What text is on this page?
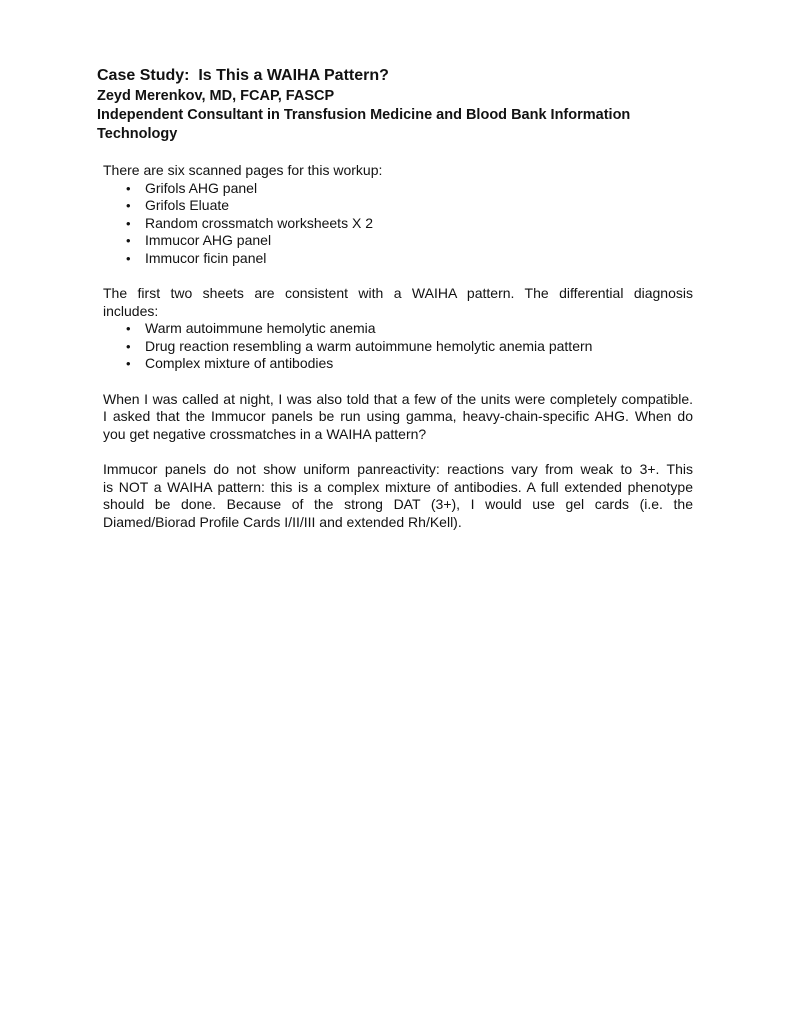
Case Study:  Is This a WAIHA Pattern?

Zeyd Merenkov, MD, FCAP, FASCP

Independent Consultant in Transfusion Medicine and Blood Bank Information
Technology
There are six scanned pages for this workup:
• Grifols AHG panel
• Grifols Eluate
• Random crossmatch worksheets X 2
• Immucor AHG panel
• Immucor ficin panel
The first two sheets are consistent with a WAIHA pattern. The differential diagnosis
includes:
• Warm autoimmune hemolytic anemia
• Drug reaction resembling a warm autoimmune hemolytic anemia pattern
• Complex mixture of antibodies
When I was called at night, I was also told that a few of the units were completely compatible.
I asked that the Immucor panels be run using gamma, heavy-chain-specific AHG. When do
you get negative crossmatches in a WAIHA pattern?
Immucor panels do not show uniform panreactivity: reactions vary from weak to 3+. This
is NOT a WAIHA pattern: this is a complex mixture of antibodies. A full extended phenotype
should be done. Because of the strong DAT (3+), I would use gel cards (i.e. the
Diamed/Biorad Profile Cards I/II/III and extended Rh/Kell).
